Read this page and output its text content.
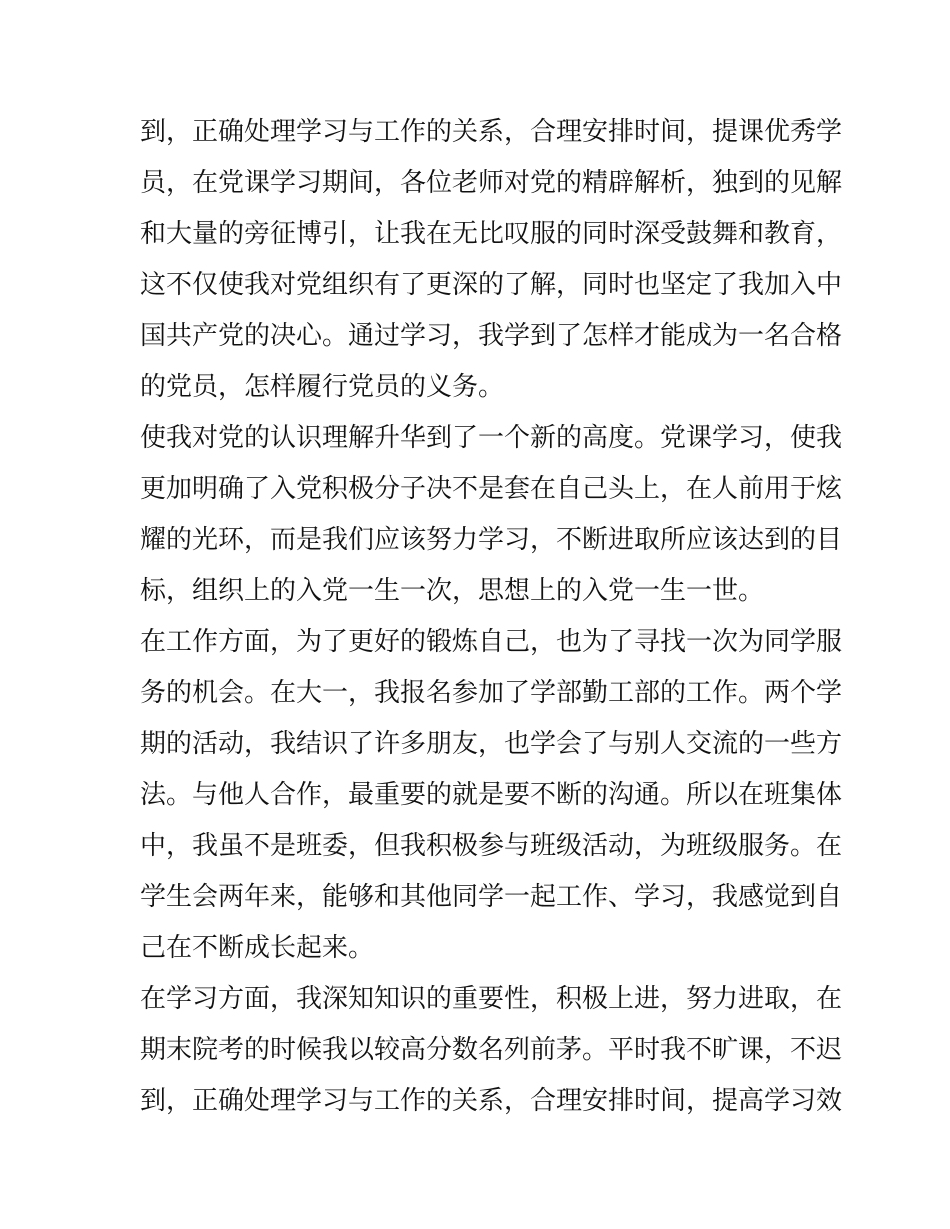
到，正确处理学习与工作的关系，合理安排时间，提课优秀学

员，在党课学习期间，各位老师对党的精辟解析，独到的见解

和大量的旁征博引，让我在无比叹服的同时深受鼓舞和教育，

这不仅使我对党组织有了更深的了解，同时也坚定了我加入中

国共产党的决心。通过学习，我学到了怎样才能成为一名合格

的党员，怎样履行党员的义务。

使我对党的认识理解升华到了一个新的高度。党课学习，使我

更加明确了入党积极分子决不是套在自己头上，在人前用于炫

耀的光环，而是我们应该努力学习，不断进取所应该达到的目

标，组织上的入党一生一次，思想上的入党一生一世。

在工作方面，为了更好的锻炼自己，也为了寻找一次为同学服

务的机会。在大一，我报名参加了学部勤工部的工作。两个学

期的活动，我结识了许多朋友，也学会了与别人交流的一些方

法。与他人合作，最重要的就是要不断的沟通。所以在班集体

中，我虽不是班委，但我积极参与班级活动，为班级服务。在

学生会两年来，能够和其他同学一起工作、学习，我感觉到自

己在不断成长起来。

在学习方面，我深知知识的重要性，积极上进，努力进取，在

期末院考的时候我以较高分数名列前茅。平时我不旷课，不迟

到，正确处理学习与工作的关系，合理安排时间，提高学习效
